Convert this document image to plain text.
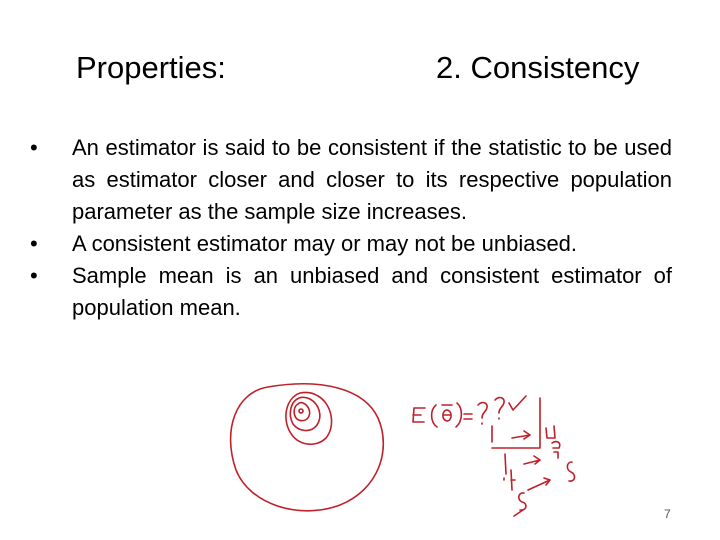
Properties:	2. Consistency
•	An estimator is said to be consistent if the statistic to be used as estimator closer and closer to its respective population parameter as the sample size increases.
•	A consistent estimator may or may not be unbiased.
•	Sample mean is an unbiased and consistent estimator of population mean.
7
